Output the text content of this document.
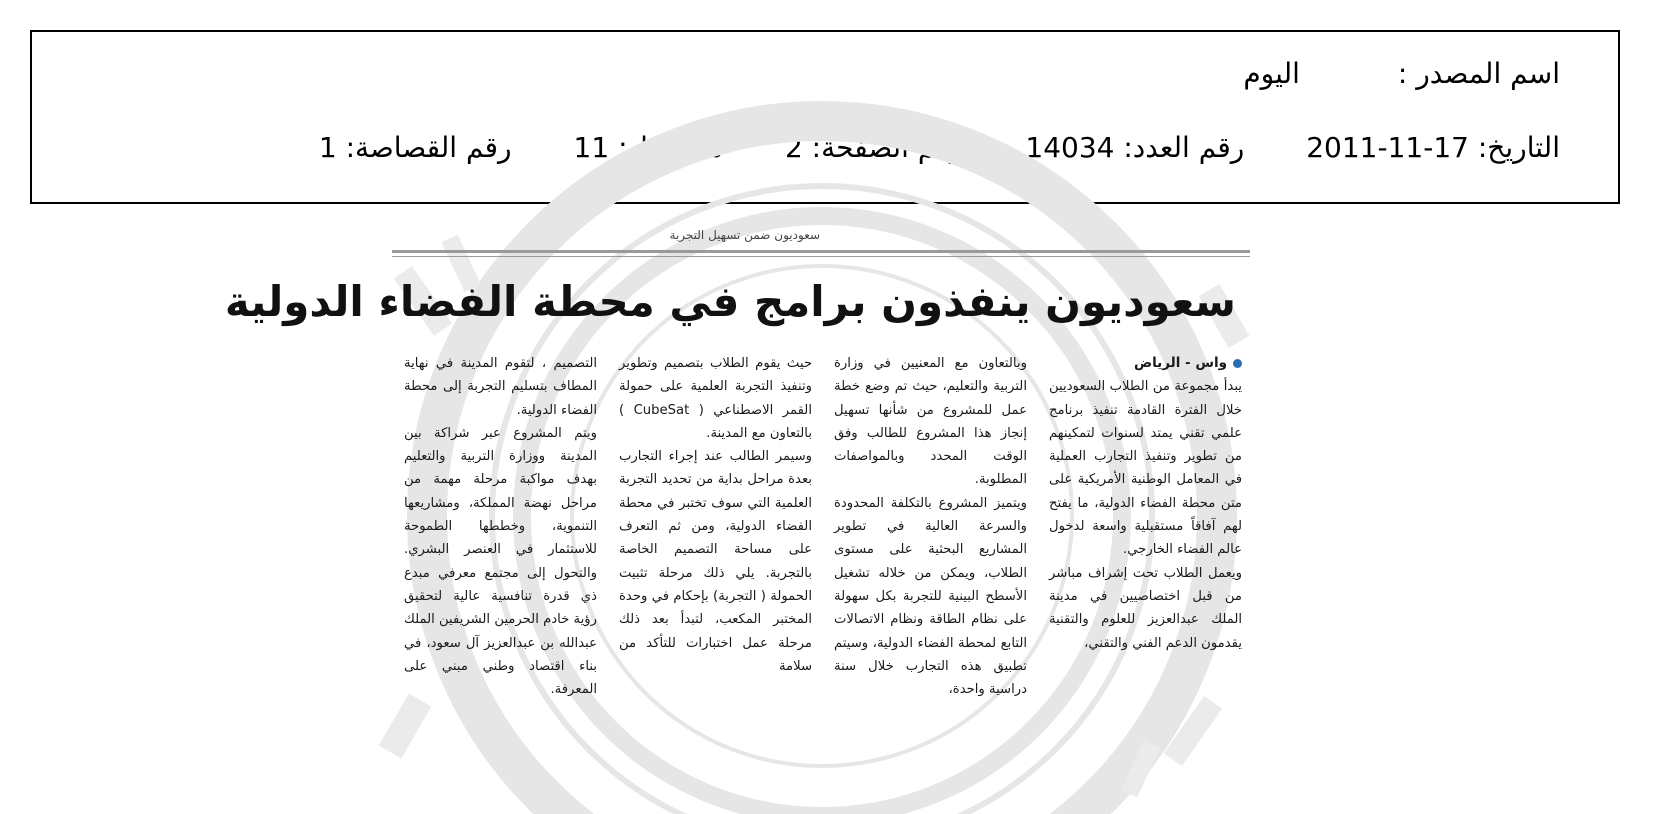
اسم المصدر :اليوم
التاريخ: 2011-11-17رقم العدد: 14034رقم الصفحة: 2مسلسل: 11رقم القصاصة: 1
سعوديون ضمن تسهيل التجربة
سعوديون ينفذون برامج في محطة الفضاء الدولية
واس - الرياض

يبدأ مجموعة من الطلاب السعوديين خلال الفترة القادمة تنفيذ برنامج علمي تقني يمتد لسنوات لتمكينهم من تطوير وتنفيذ التجارب العملية في المعامل الوطنية الأمريكية على متن محطة الفضاء الدولية، ما يفتح لهم آفاقاً مستقبلية واسعة لدخول عالم الفضاء الخارجي.

ويعمل الطلاب تحت إشراف مباشر من قبل اختصاصيين في مدينة الملك عبدالعزيز للعلوم والتقنية يقدمون الدعم الفني والتقني،

وبالتعاون مع المعنيين في وزارة التربية والتعليم، حيث تم وضع خطة عمل للمشروع من شأنها تسهيل إنجاز هذا المشروع للطالب وفق الوقت المحدد وبالمواصفات المطلوبة.

ويتميز المشروع بالتكلفة المحدودة والسرعة العالية في تطوير المشاريع البحثية على مستوى الطلاب، ويمكن من خلاله تشغيل الأسطح البينية للتجربة بكل سهولة على نظام الطاقة ونظام الاتصالات التابع لمحطة الفضاء الدولية، وسيتم تطبيق هذه التجارب خلال سنة دراسية واحدة،

حيث يقوم الطلاب بتصميم وتطوير وتنفيذ التجربة العلمية على حمولة القمر الاصطناعي ( CubeSat ) بالتعاون مع المدينة.

وسيمر الطالب عند إجراء التجارب بعدة مراحل بداية من تحديد التجربة العلمية التي سوف تختبر في محطة الفضاء الدولية، ومن ثم التعرف على مساحة التصميم الخاصة بالتجربة. يلي ذلك مرحلة تثبيت الحمولة ( التجربة) بإحكام في وحدة المختبر المكعب، لتبدأ بعد ذلك مرحلة عمل اختبارات للتأكد من سلامة

التصميم ، لتقوم المدينة في نهاية المطاف بتسليم التجربة إلى محطة الفضاء الدولية.

ويتم المشروع عبر شراكة بين المدينة ووزارة التربية والتعليم بهدف مواكبة مرحلة مهمة من مراحل نهضة المملكة، ومشاريعها التنموية، وخططها الطموحة للاستثمار في العنصر البشري. والتحول إلى مجتمع معرفي مبدع ذي قدرة تنافسية عالية لتحقيق رؤية خادم الحرمين الشريفين الملك عبدالله بن عبدالعزيز آل سعود، في بناء اقتصاد وطني مبني على المعرفة.
